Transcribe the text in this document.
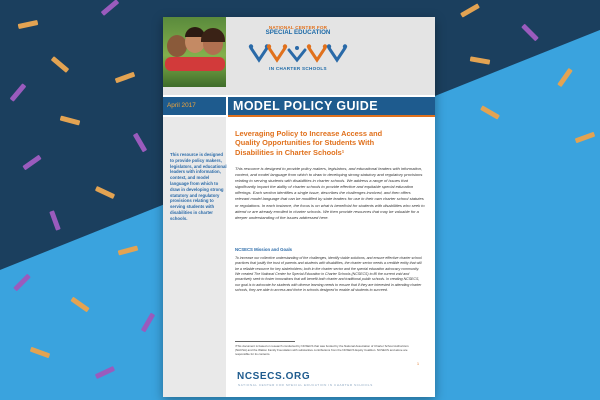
NATIONAL CENTER FOR
SPECIAL EDUCATION
IN CHARTER SCHOOLS
April 2017	MODEL POLICY GUIDE

This resource is designed to provide policy makers, legislators, and educational leaders with information, context, and model language from which to draw in developing strong statutory and regulatory provisions relating to serving students with disabilities in charter schools.

Leveraging Policy to Increase Access and Quality Opportunities for Students With Disabilities in Charter Schools¹

This resource is designed to provide policy makers, legislators, and educational leaders with information, context, and model language from which to draw in developing strong statutory and regulatory provisions relating to serving students with disabilities in charter schools. We address a range of issues that significantly impact the ability of charter schools to provide effective and equitable special education offerings. Each section identifies a single issue, describes the challenges involved, and then offers relevant model language that can be modified by state leaders for use in their own charter school statutes or regulations. In each instance, the focus is on what is beneficial for students with disabilities who seek to attend or are already enrolled in charter schools. We then provide resources that may be valuable for a deeper understanding of the issues addressed here.

NCSECS Mission and Goals

To increase our collective understanding of the challenges, identify viable solutions, and ensure effective charter school practices that justify the trust of parents and students with disabilities, the charter sector needs a credible entity that will be a reliable resource for key stakeholders; both in the charter sector and the special education advocacy community. We created The National Center for Special Education in Charter Schools (NCSECS) to fill the current void and proactively seek to foster innovations that will benefit both charter and traditional public schools. In creating NCSECS, our goal is to advocate for students with diverse learning needs to ensure that if they are interested in attending charter schools, they are able to access and thrive in schools designed to enable all students to succeed.

¹This document is based on research conducted by NCSECS that was funded by the National Association of Charter School Authorizers (NACSA) and the Walton Family Foundation with substantive contributions from the NCSECS Equity Coalition. NCSECS and alone are responsible for its contents.

1
NCSECS.ORG
NATIONAL CENTER FOR SPECIAL EDUCATION IN CHARTER SCHOOLS
